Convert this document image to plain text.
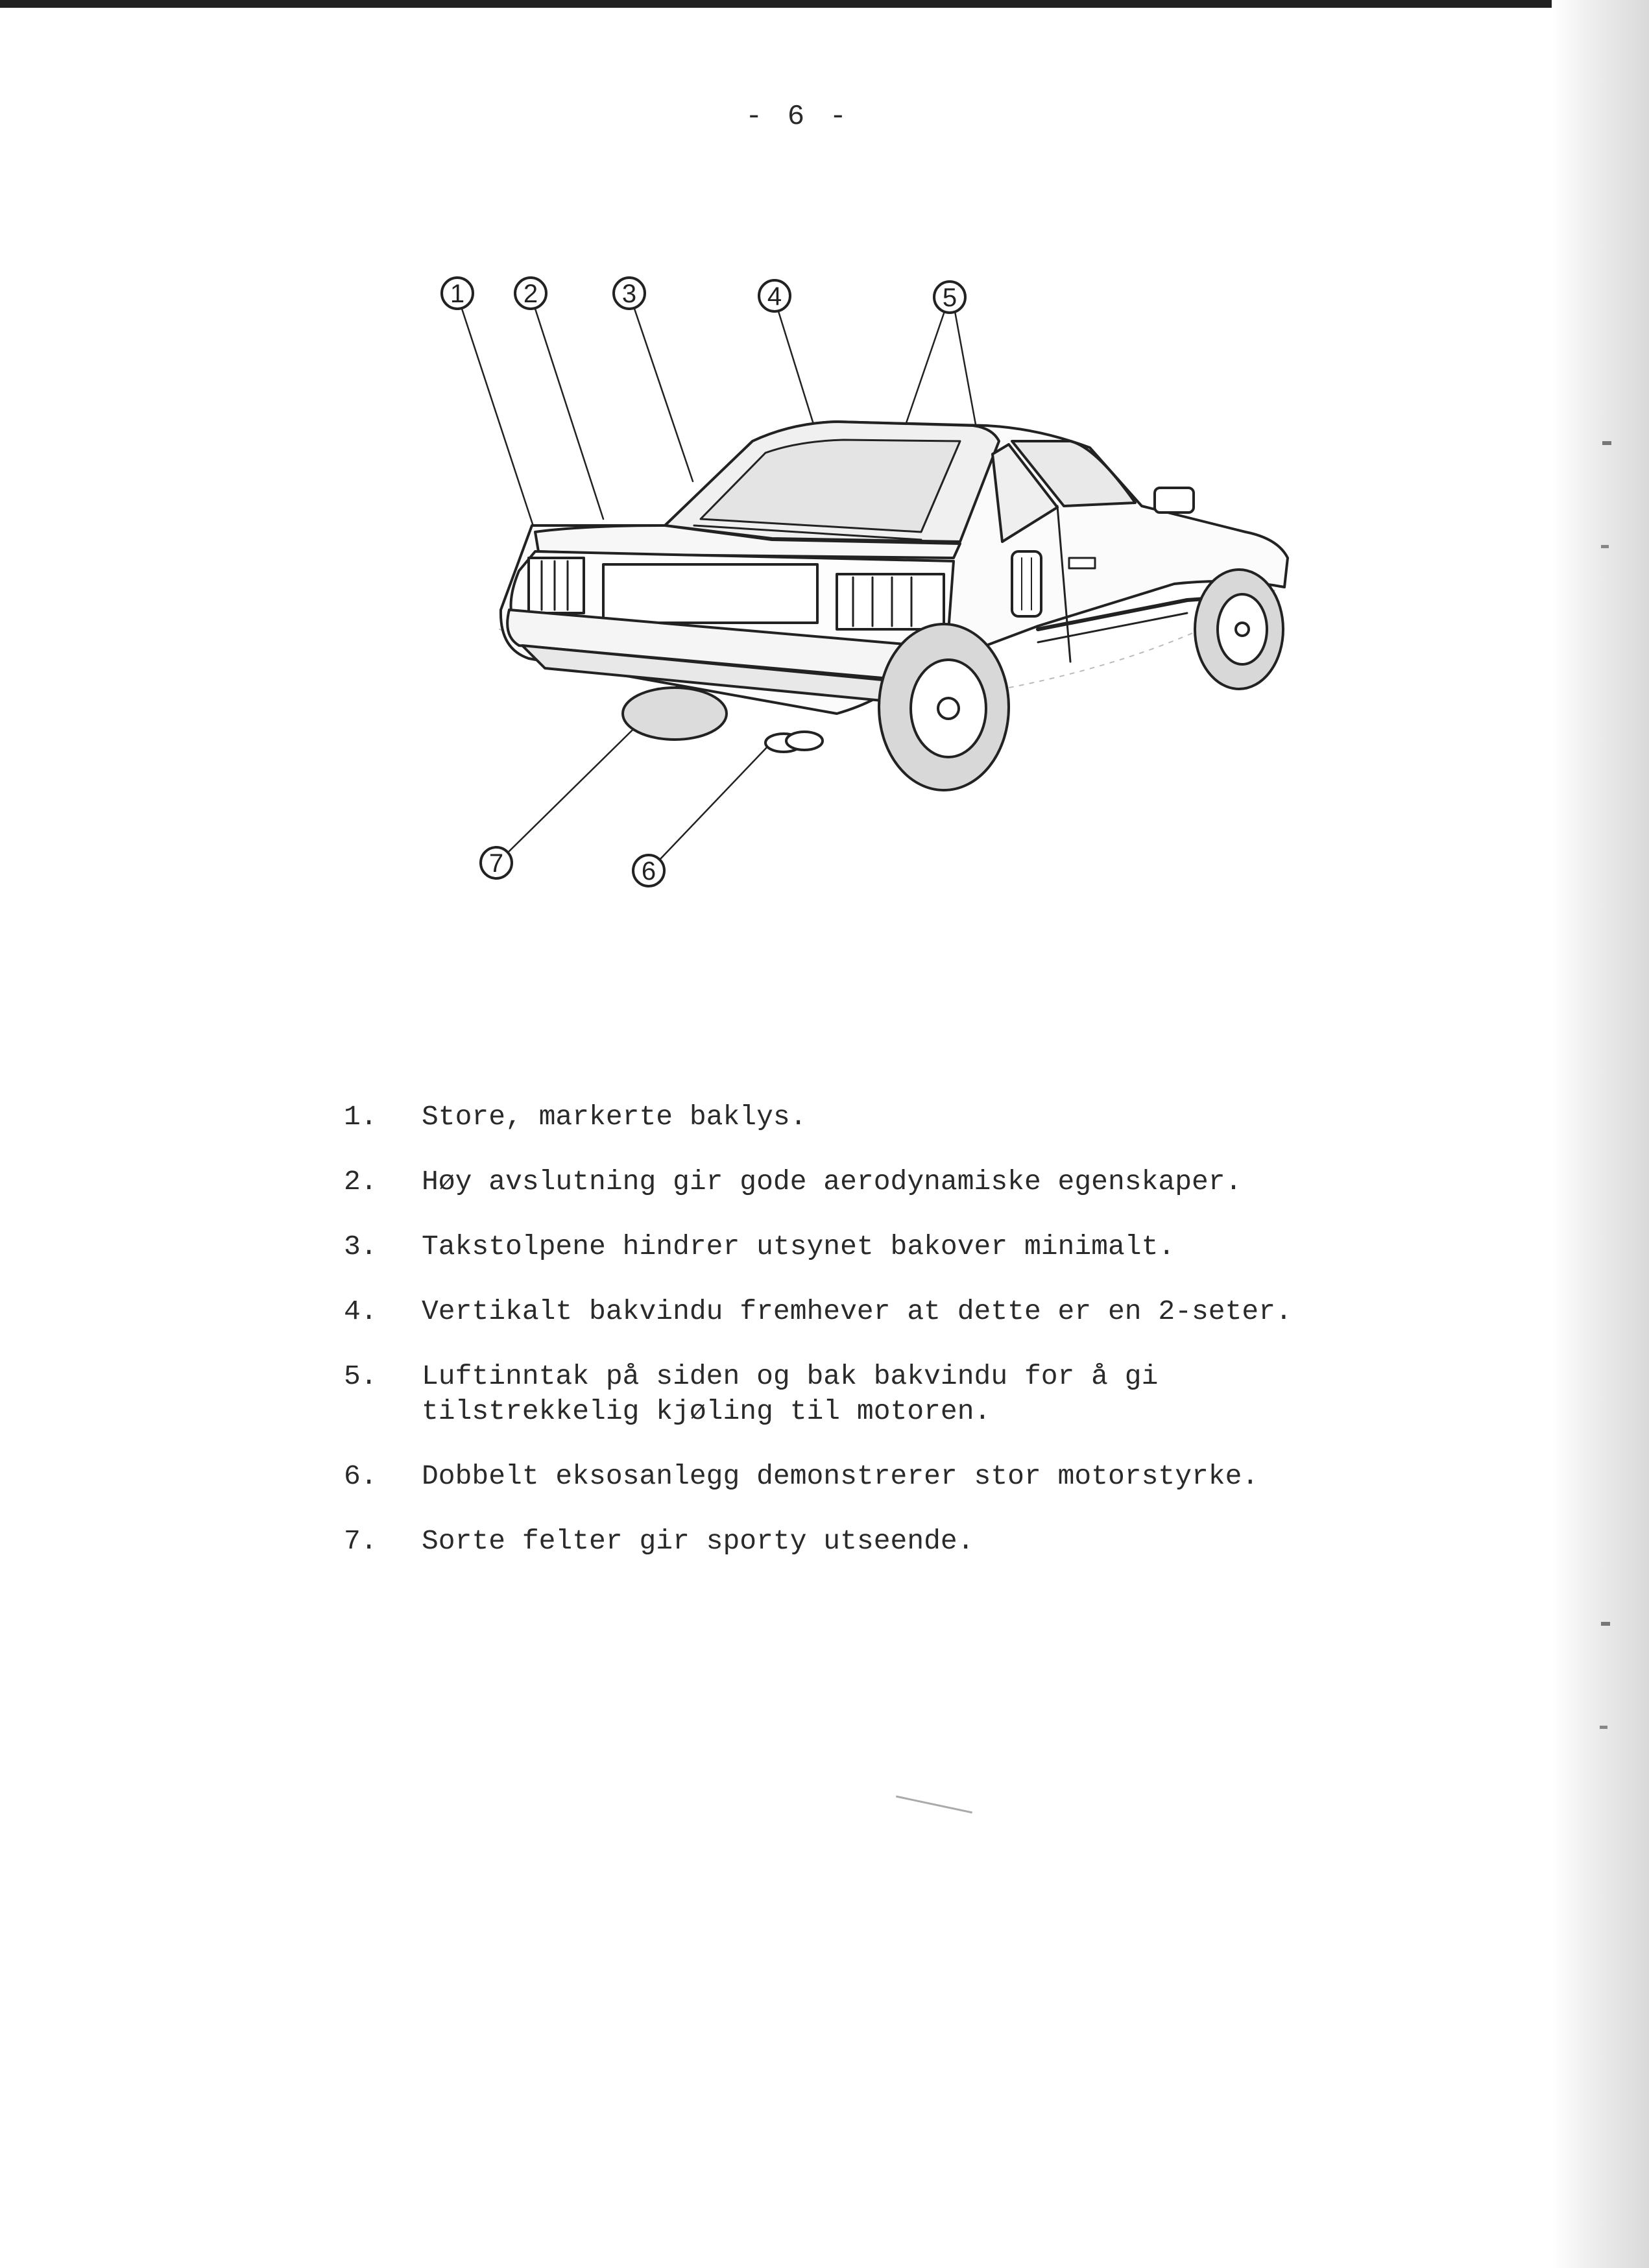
- 6 -
1 2	3	4	5
6
7
1.	Store, markerte baklys.
2.	Høy avslutning gir gode aerodynamiske egenskaper.
3.	Takstolpene hindrer utsynet bakover minimalt.
4.	Vertikalt bakvindu fremhever at dette er en 2-seter.
5.	Luftinntak på siden og bak bakvindu for å gi
tilstrekkelig kjøling til motoren.
6.	Dobbelt eksosanlegg demonstrerer stor motorstyrke.
7.	Sorte felter gir sporty utseende.
